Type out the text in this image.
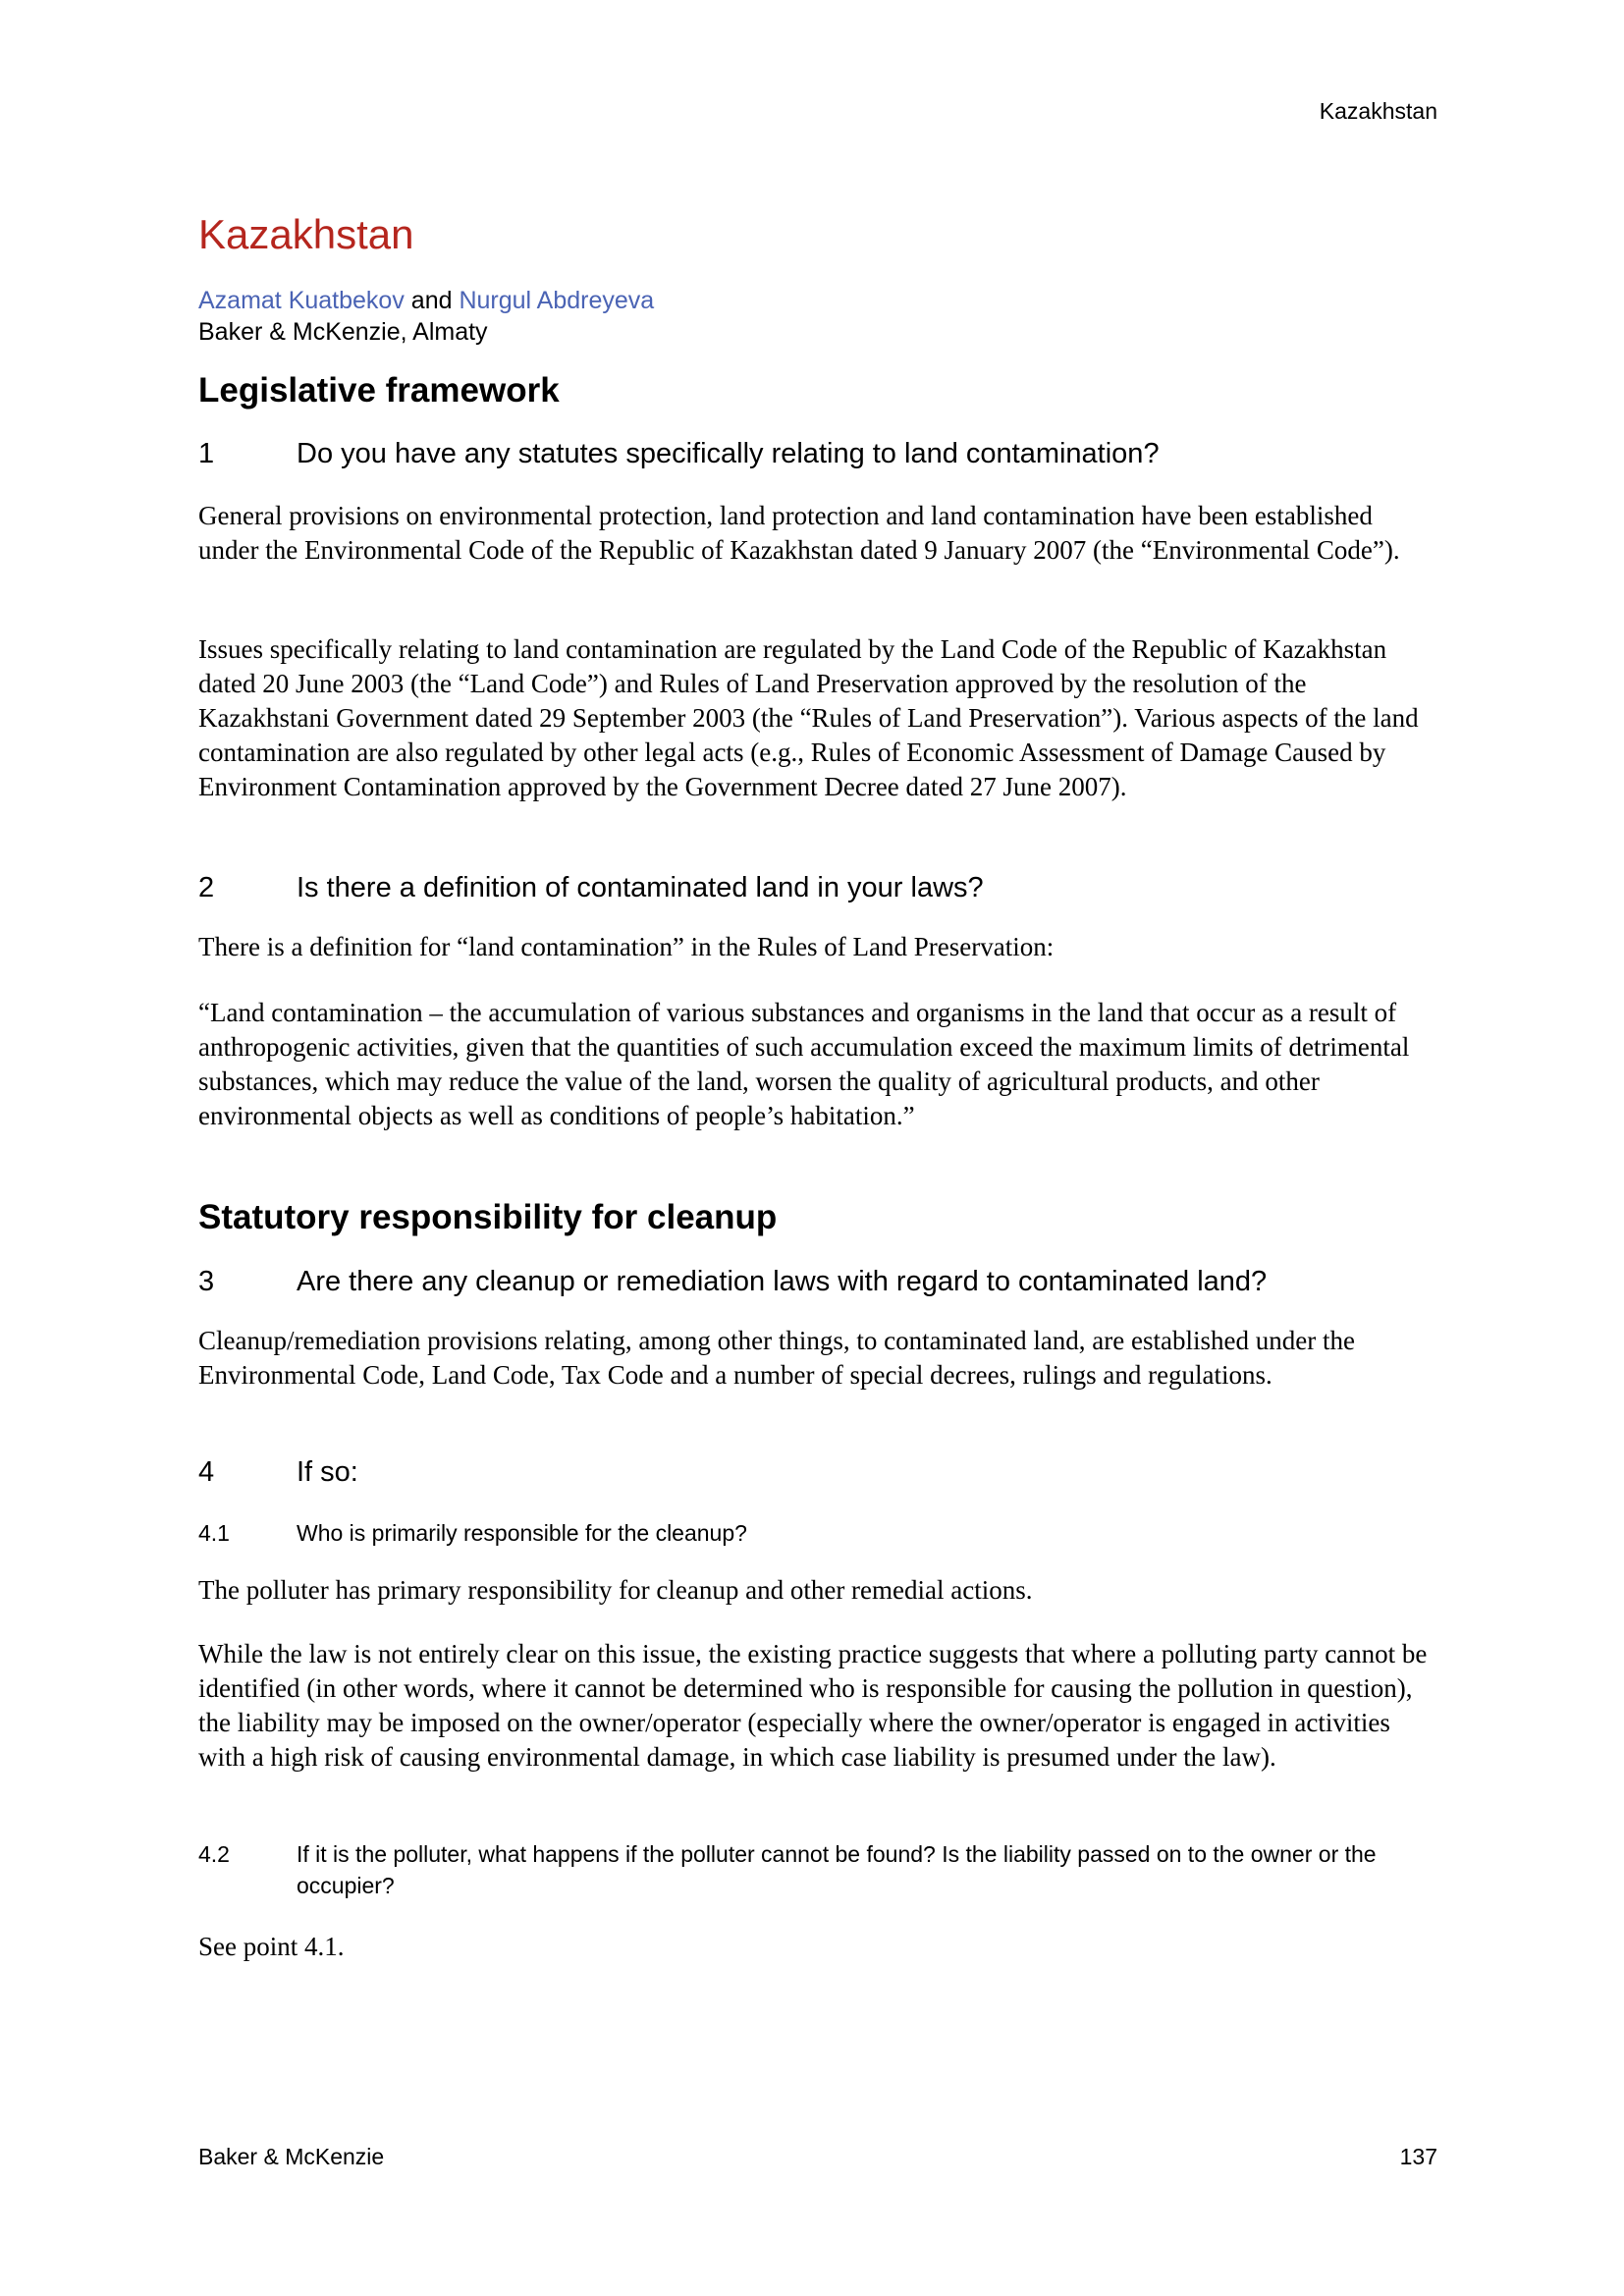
Kazakhstan
Kazakhstan
Azamat Kuatbekov and Nurgul Abdreyeva
Baker & McKenzie, Almaty
Legislative framework
1	Do you have any statutes specifically relating to land contamination?

General provisions on environmental protection, land protection and land contamination have been established under the Environmental Code of the Republic of Kazakhstan dated 9 January 2007 (the “Environmental Code”).

Issues specifically relating to land contamination are regulated by the Land Code of the Republic of Kazakhstan dated 20 June 2003 (the “Land Code”) and Rules of Land Preservation approved by the resolution of the Kazakhstani Government dated 29 September 2003 (the “Rules of Land Preservation”). Various aspects of the land contamination are also regulated by other legal acts (e.g., Rules of Economic Assessment of Damage Caused by Environment Contamination approved by the Government Decree dated 27 June 2007).

2	Is there a definition of contaminated land in your laws?

There is a definition for “land contamination” in the Rules of Land Preservation:

“Land contamination – the accumulation of various substances and organisms in the land that occur as a result of anthropogenic activities, given that the quantities of such accumulation exceed the maximum limits of detrimental substances, which may reduce the value of the land, worsen the quality of agricultural products, and other environmental objects as well as conditions of people’s habitation.”

Statutory responsibility for cleanup
3	Are there any cleanup or remediation laws with regard to contaminated land?

Cleanup/remediation provisions relating, among other things, to contaminated land, are established under the Environmental Code, Land Code, Tax Code and a number of special decrees, rulings and regulations.

4	If so:
4.1	Who is primarily responsible for the cleanup?

The polluter has primary responsibility for cleanup and other remedial actions.

While the law is not entirely clear on this issue, the existing practice suggests that where a polluting party cannot be identified (in other words, where it cannot be determined who is responsible for causing the pollution in question), the liability may be imposed on the owner/operator (especially where the owner/operator is engaged in activities with a high risk of causing environmental damage, in which case liability is presumed under the law).

4.2	If it is the polluter, what happens if the polluter cannot be found? Is the liability passed on to the owner or the occupier?

See point 4.1.

Baker & McKenzie	137
